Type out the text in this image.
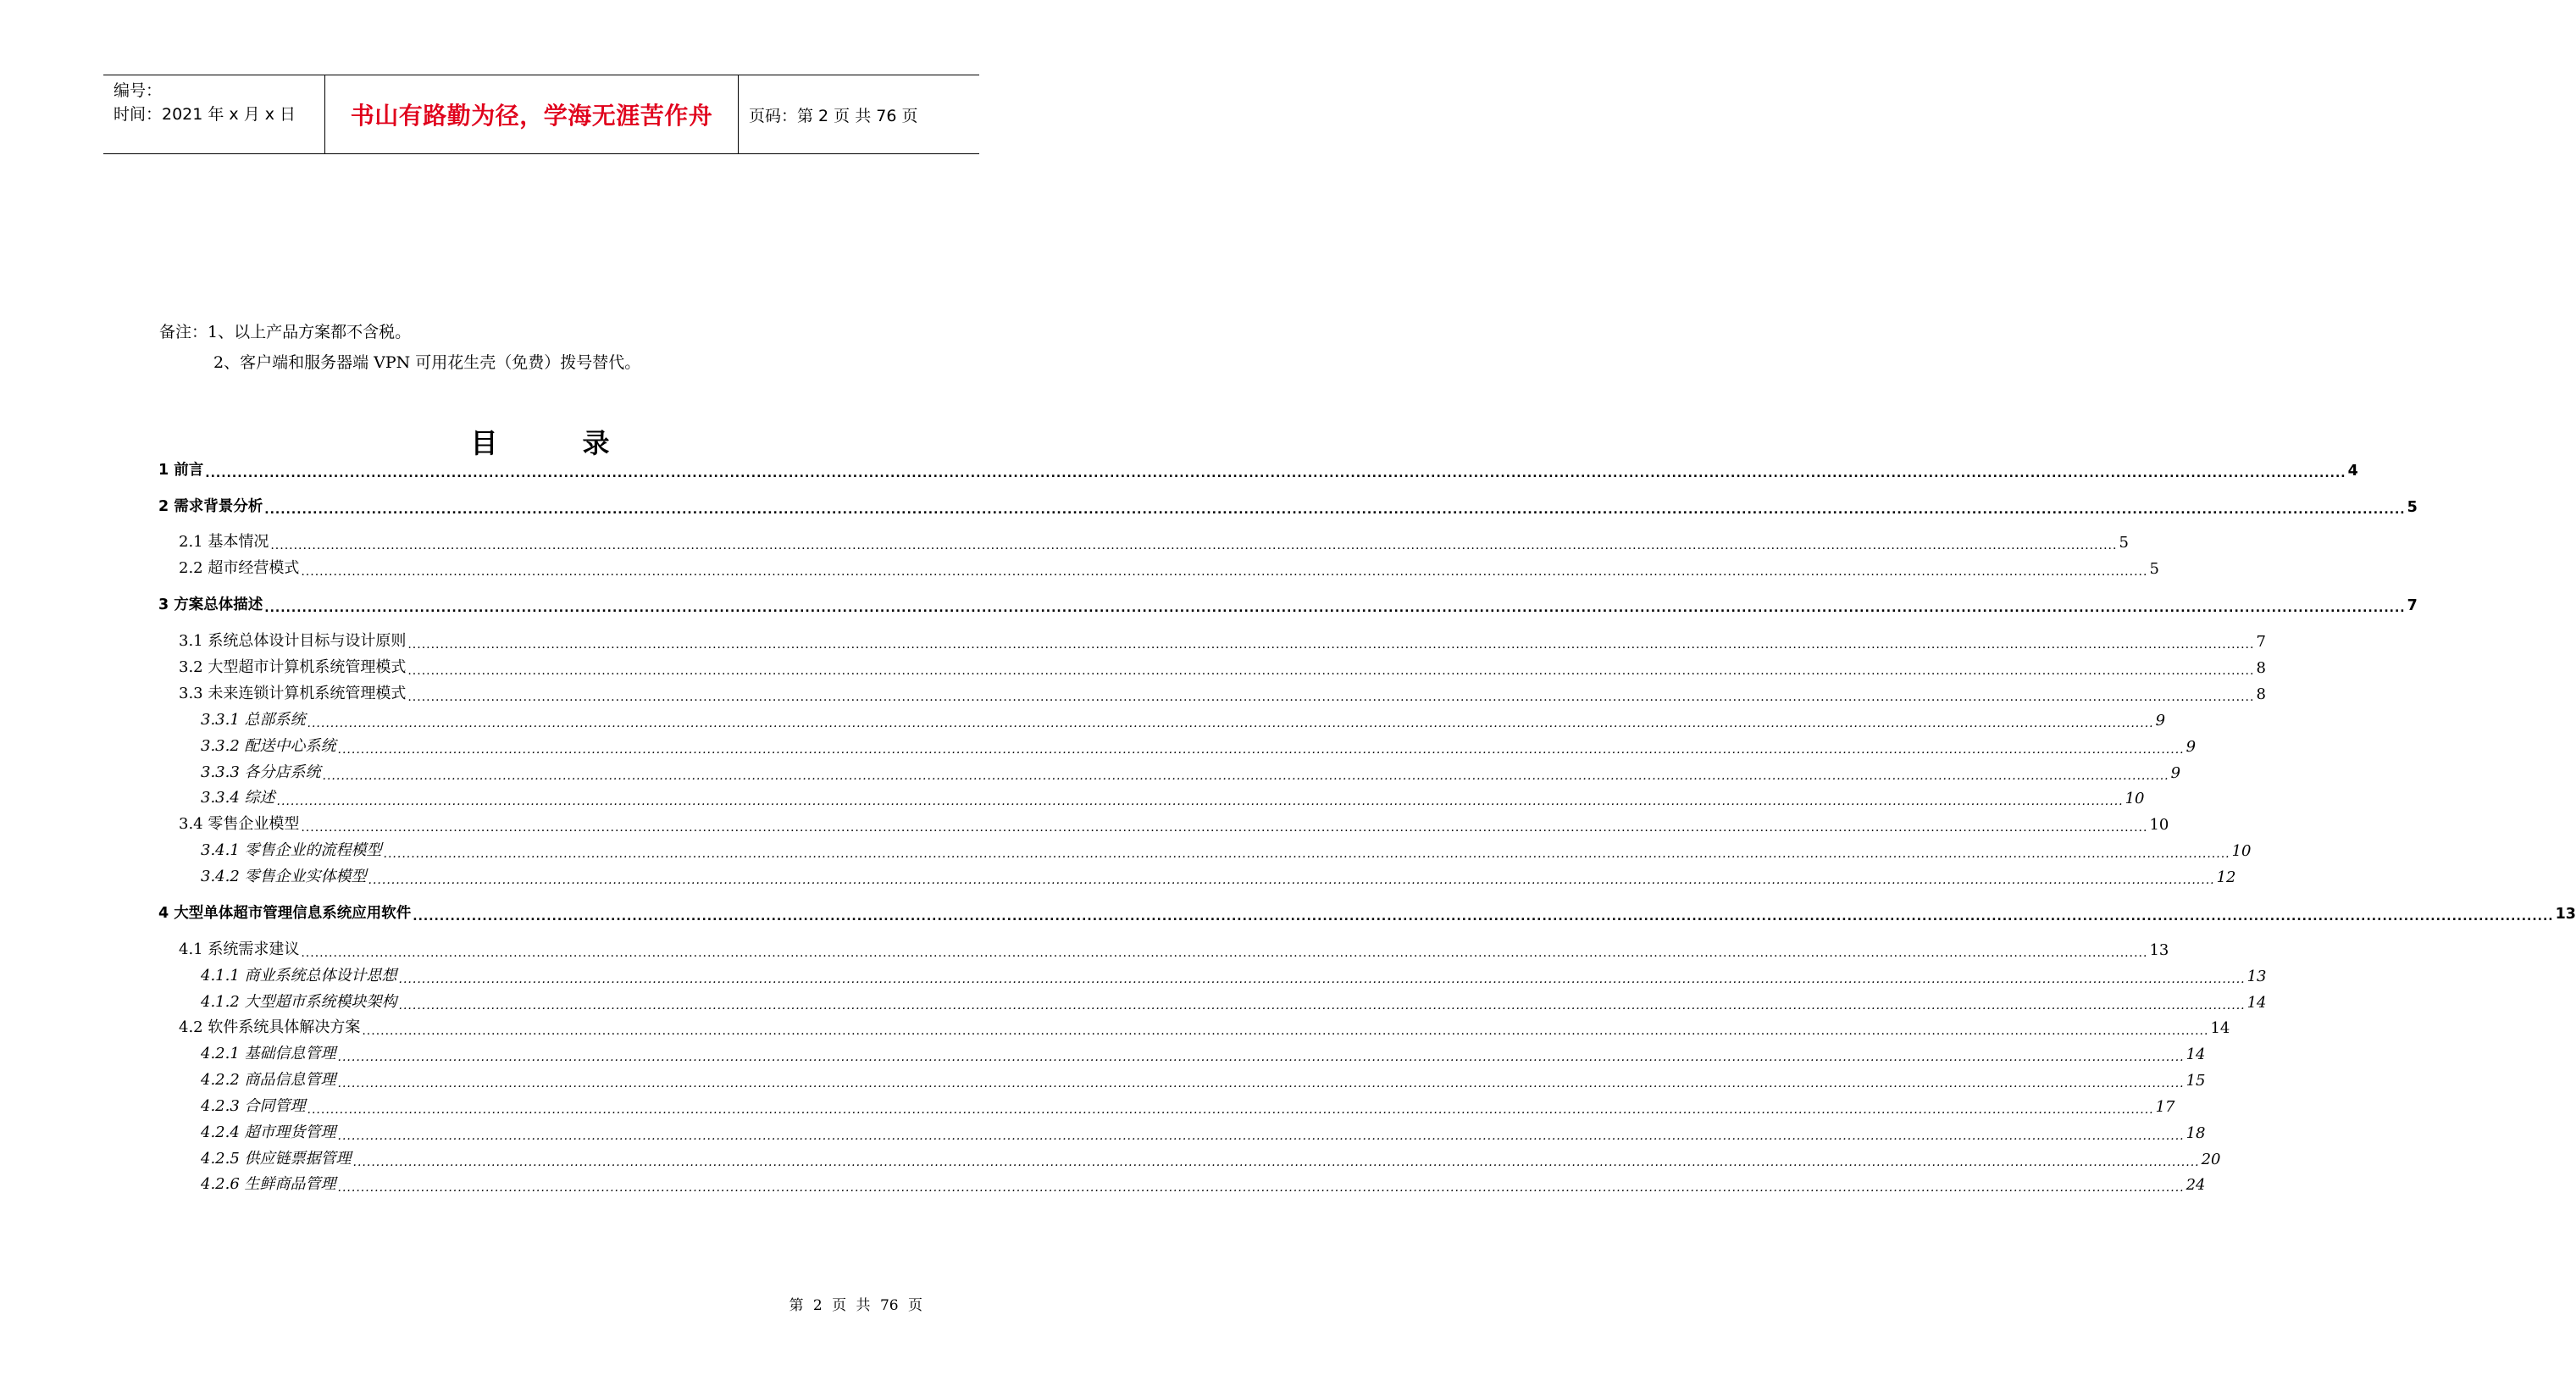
编号：
时间：2021 年 x 月 x 日	书山有路勤为径，学海无涯苦作舟	页码：第 2 页 共 76 页
备注：1、以上产品方案都不含税。
2、客户端和服务器端 VPN 可用花生壳（免费）拨号替代。
目	录
1 前言 ................................................................................................................................................................................................................................................................................................................................................................................................................ 4
2 需求背景分析 ................................................................................................................................................................................................................................................................................................................................................................................................................ 5
2.1 基本情况 ................................................................................................................................................................................................................................................................................................................................................................................................................ 5
2.2 超市经营模式 ................................................................................................................................................................................................................................................................................................................................................................................................................ 5
3 方案总体描述 ................................................................................................................................................................................................................................................................................................................................................................................................................ 7
3.1 系统总体设计目标与设计原则 ................................................................................................................................................................................................................................................................................................................................................................................................................ 7
3.2 大型超市计算机系统管理模式 ................................................................................................................................................................................................................................................................................................................................................................................................................ 8
3.3 未来连锁计算机系统管理模式 ................................................................................................................................................................................................................................................................................................................................................................................................................ 8
3.3.1 总部系统 ................................................................................................................................................................................................................................................................................................................................................................................................................ 9
3.3.2 配送中心系统 ................................................................................................................................................................................................................................................................................................................................................................................................................ 9
3.3.3 各分店系统 ................................................................................................................................................................................................................................................................................................................................................................................................................ 9
3.3.4 综述 ................................................................................................................................................................................................................................................................................................................................................................................................................ 10
3.4 零售企业模型 ................................................................................................................................................................................................................................................................................................................................................................................................................ 10
3.4.1 零售企业的流程模型 ................................................................................................................................................................................................................................................................................................................................................................................................................ 10
3.4.2 零售企业实体模型 ................................................................................................................................................................................................................................................................................................................................................................................................................ 12
4 大型单体超市管理信息系统应用软件 ................................................................................................................................................................................................................................................................................................................................................................................................................ 13
4.1 系统需求建议 ................................................................................................................................................................................................................................................................................................................................................................................................................ 13
4.1.1 商业系统总体设计思想 ................................................................................................................................................................................................................................................................................................................................................................................................................ 13
4.1.2 大型超市系统模块架构 ................................................................................................................................................................................................................................................................................................................................................................................................................ 14
4.2 软件系统具体解决方案 ................................................................................................................................................................................................................................................................................................................................................................................................................ 14
4.2.1 基础信息管理 ................................................................................................................................................................................................................................................................................................................................................................................................................ 14
4.2.2 商品信息管理 ................................................................................................................................................................................................................................................................................................................................................................................................................ 15
4.2.3 合同管理 ................................................................................................................................................................................................................................................................................................................................................................................................................ 17
4.2.4 超市理货管理 ................................................................................................................................................................................................................................................................................................................................................................................................................ 18
4.2.5 供应链票据管理 ................................................................................................................................................................................................................................................................................................................................................................................................................ 20
4.2.6 生鲜商品管理 ................................................................................................................................................................................................................................................................................................................................................................................................................ 24
第 2 页 共 76 页
